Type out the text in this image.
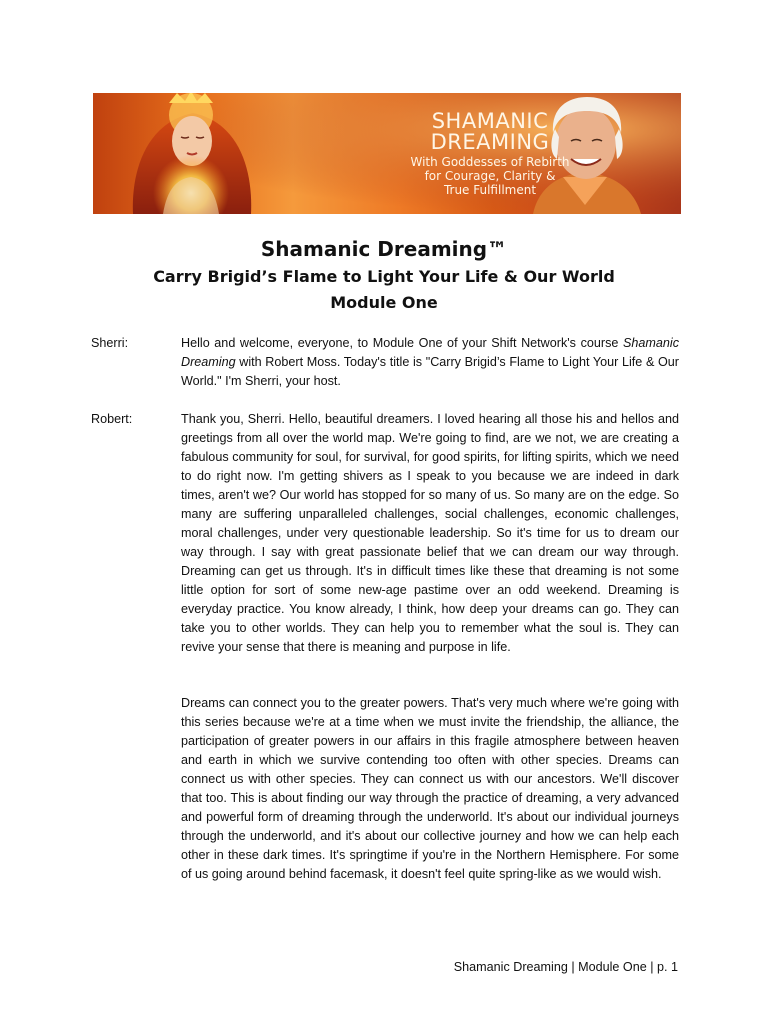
SHAMANIC
DREAMING
With Goddesses of Rebirth
for Courage, Clarity &
True Fulfillment
Shamanic Dreaming™
Carry Brigid’s Flame to Light Your Life & Our World
Module One
Sherri:	Hello and welcome, everyone, to Module One of your Shift Network's course Shamanic Dreaming with Robert Moss. Today's title is "Carry Brigid’s Flame to Light Your Life & Our World." I'm Sherri, your host.

Robert:	Thank you, Sherri. Hello, beautiful dreamers. I loved hearing all those his and hellos and greetings from all over the world map. We're going to find, are we not, we are creating a fabulous community for soul, for survival, for good spirits, for lifting spirits, which we need to do right now. I'm getting shivers as I speak to you because we are indeed in dark times, aren't we? Our world has stopped for so many of us. So many are on the edge. So many are suffering unparalleled challenges, social challenges, economic challenges, moral challenges, under very questionable leadership. So it's time for us to dream our way through. I say with great passionate belief that we can dream our way through. Dreaming can get us through. It's in difficult times like these that dreaming is not some little option for sort of some new-age pastime over an odd weekend. Dreaming is everyday practice. You know already, I think, how deep your dreams can go. They can take you to other worlds. They can help you to remember what the soul is. They can revive your sense that there is meaning and purpose in life.

Dreams can connect you to the greater powers. That's very much where we're going with this series because we're at a time when we must invite the friendship, the alliance, the participation of greater powers in our affairs in this fragile atmosphere between heaven and earth in which we survive contending too often with other species. Dreams can connect us with other species. They can connect us with our ancestors. We'll discover that too. This is about finding our way through the practice of dreaming, a very advanced and powerful form of dreaming through the underworld. It's about our individual journeys through the underworld, and it's about our collective journey and how we can help each other in these dark times. It's springtime if you're in the Northern Hemisphere. For some of us going around behind facemask, it doesn't feel quite spring-like as we would wish.

Shamanic Dreaming | Module One | p. 1
